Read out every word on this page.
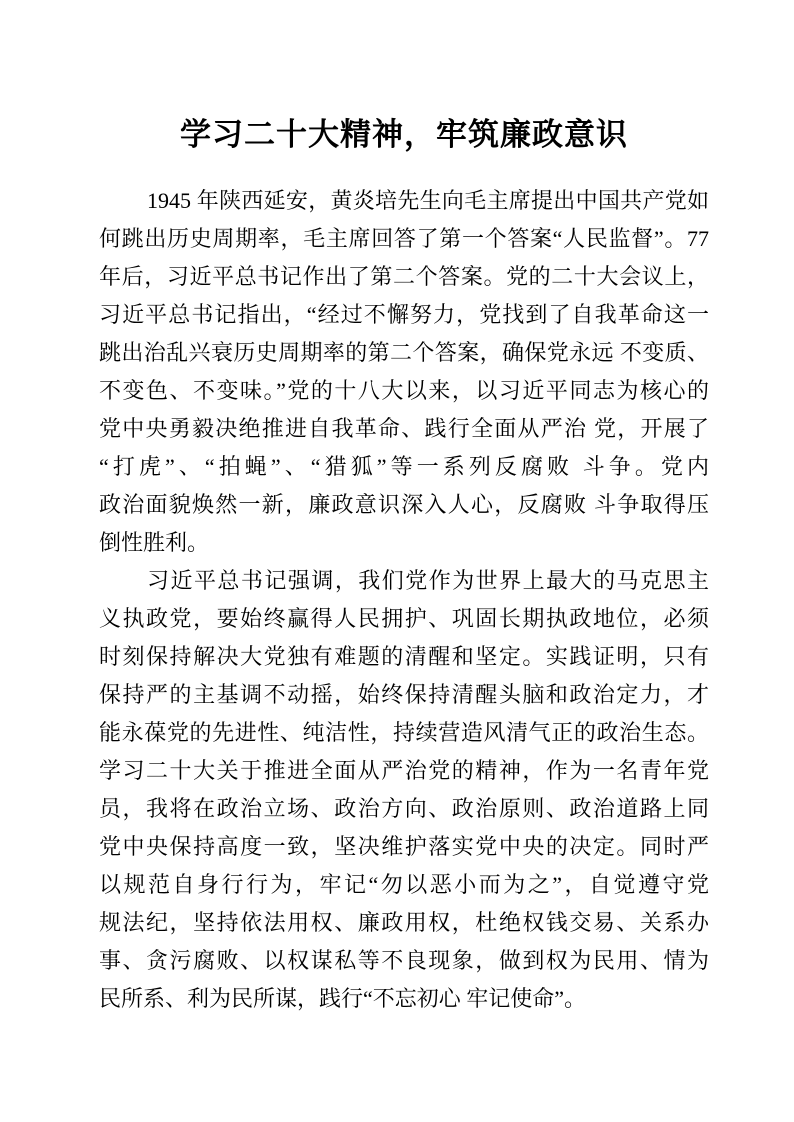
学习二十大精神，牢筑廉政意识
1945 年陕西延安，黄炎培先生向毛主席提出中国共产党如
何跳出历史周期率，毛主席回答了第一个答案“人民监督”。77
年后，习近平总书记作出了第二个答案。党的二十大会议上，
习近平总书记指出，“经过不懈努力，党找到了自我革命这一
跳出治乱兴衰历史周期率的第二个答案，确保党永远 不变质、
不变色、不变味。”党的十八大以来，以习近平同志为核心的
党中央勇毅决绝推进自我革命、践行全面从严治 党，开展了
“打虎”、“拍蝇”、“猎狐”等一系列反腐败 斗争。党内
政治面貌焕然一新，廉政意识深入人心，反腐败 斗争取得压
倒性胜利。
习近平总书记强调，我们党作为世界上最大的马克思主
义执政党，要始终赢得人民拥护、巩固长期执政地位，必须
时刻保持解决大党独有难题的清醒和坚定。实践证明，只有
保持严的主基调不动摇，始终保持清醒头脑和政治定力，才
能永葆党的先进性、纯洁性，持续营造风清气正的政治生态。
学习二十大关于推进全面从严治党的精神，作为一名青年党
员，我将在政治立场、政治方向、政治原则、政治道路上同
党中央保持高度一致，坚决维护落实党中央的决定。同时严
以规范自身行行为，牢记“勿以恶小而为之”，自觉遵守党
规法纪，坚持依法用权、廉政用权，杜绝权钱交易、关系办
事、贪污腐败、以权谋私等不良现象，做到权为民用、情为
民所系、利为民所谋，践行“不忘初心 牢记使命”。
